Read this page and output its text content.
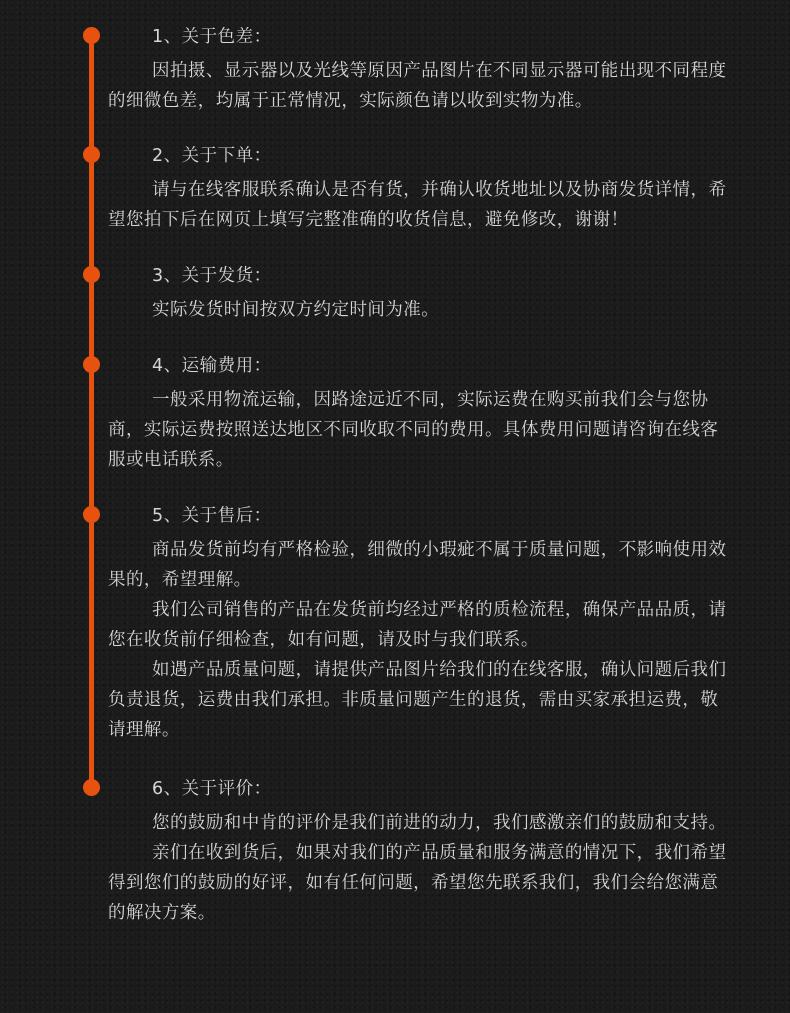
1、关于色差：

因拍摄、显示器以及光线等原因产品图片在不同显示器可能出现不同程度的细微色差，均属于正常情况，实际颜色请以收到实物为准。

2、关于下单：

请与在线客服联系确认是否有货，并确认收货地址以及协商发货详情，希望您拍下后在网页上填写完整准确的收货信息，避免修改，谢谢！

3、关于发货：

实际发货时间按双方约定时间为准。

4、运输费用：

一般采用物流运输，因路途远近不同，实际运费在购买前我们会与您协商，实际运费按照送达地区不同收取不同的费用。具体费用问题请咨询在线客服或电话联系。

5、关于售后：

商品发货前均有严格检验，细微的小瑕疵不属于质量问题，不影响使用效果的，希望理解。

我们公司销售的产品在发货前均经过严格的质检流程，确保产品品质，请您在收货前仔细检查，如有问题，请及时与我们联系。

如遇产品质量问题，请提供产品图片给我们的在线客服，确认问题后我们负责退货，运费由我们承担。非质量问题产生的退货，需由买家承担运费，敬请理解。

6、关于评价：

您的鼓励和中肯的评价是我们前进的动力，我们感激亲们的鼓励和支持。

亲们在收到货后，如果对我们的产品质量和服务满意的情况下，我们希望得到您们的鼓励的好评，如有任何问题，希望您先联系我们，我们会给您满意的解决方案。
